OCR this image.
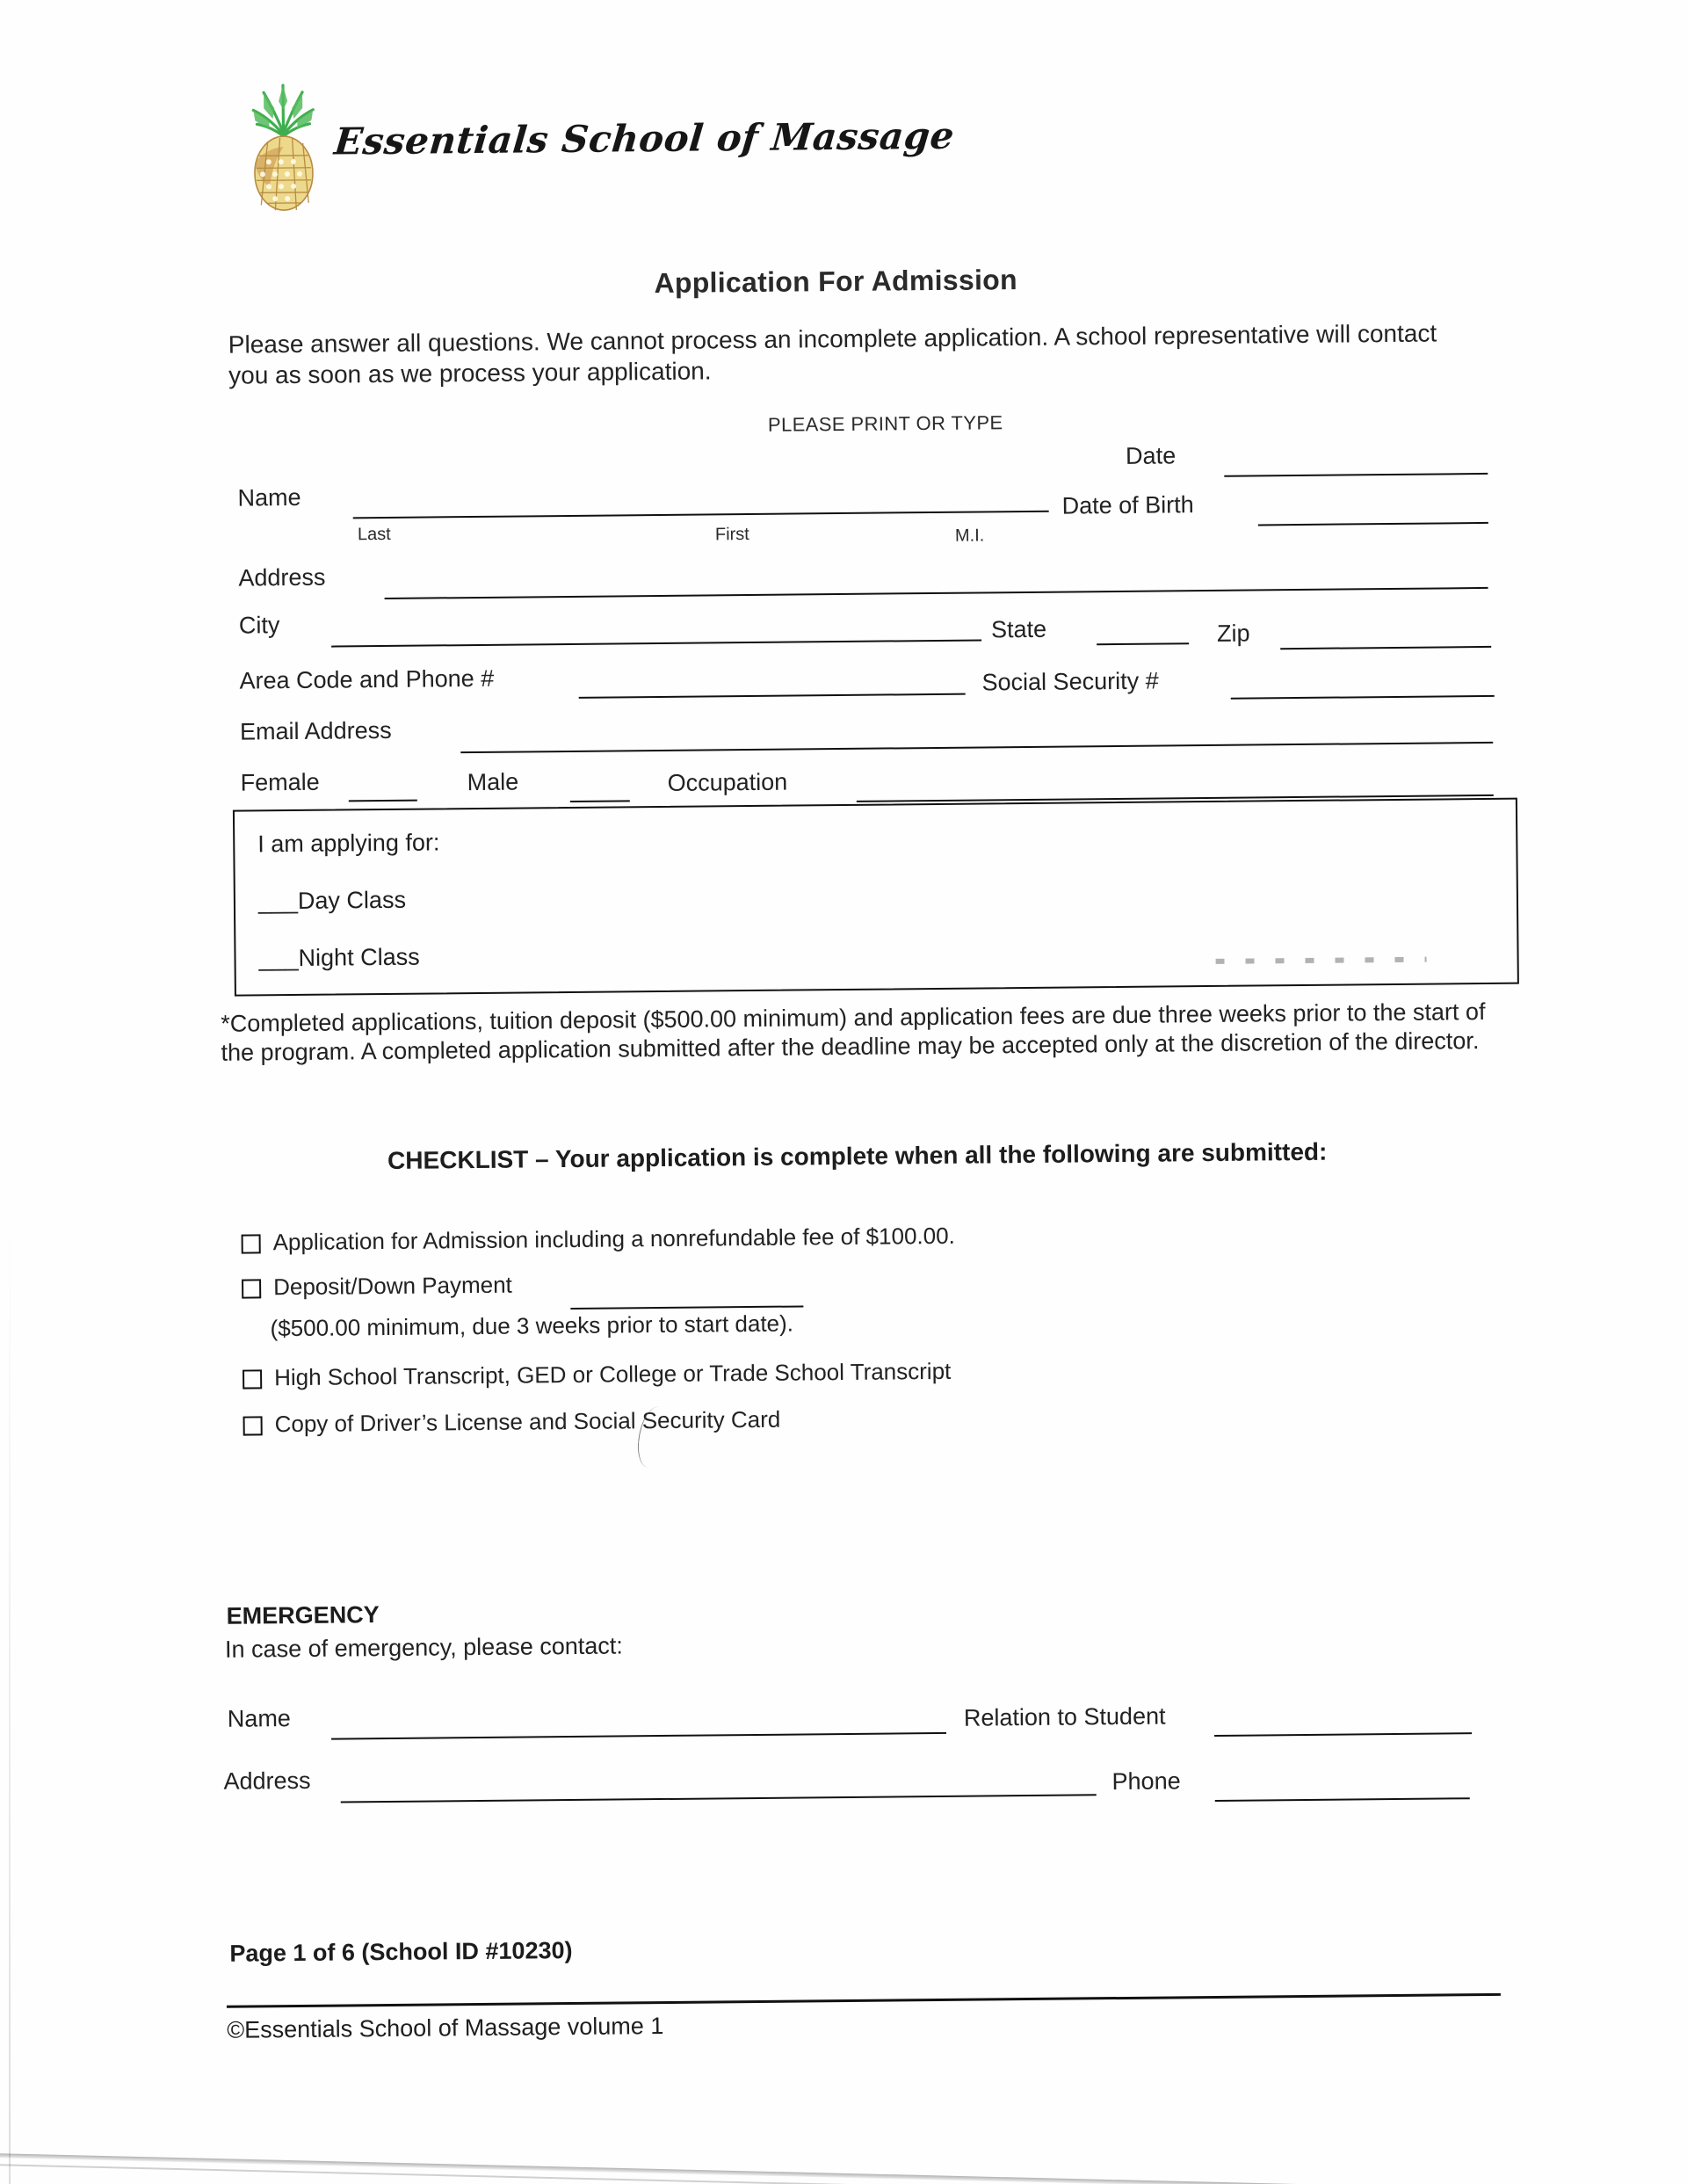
Essentials School of Massage
Application For Admission
Please answer all questions. We cannot process an incomplete application. A school representative will contact you as soon as we process your application.
PLEASE PRINT OR TYPE
Date
Date of Birth
Name
Last	First	M.I.
Address
City	State	Zip
Area Code and Phone #	Social Security #
Email Address
Female	Male	Occupation
I am applying for:
___Day Class
___Night Class
*Completed applications, tuition deposit ($500.00 minimum) and application fees are due three weeks prior to the start of the program. A completed application submitted after the deadline may be accepted only at the discretion of the director.
CHECKLIST – Your application is complete when all the following are submitted:
Application for Admission including a nonrefundable fee of $100.00.
Deposit/Down Payment
($500.00 minimum, due 3 weeks prior to start date).
High School Transcript, GED or College or Trade School Transcript
Copy of Driver’s License and Social Security Card
EMERGENCY
In case of emergency, please contact:
Name	Relation to Student
Address	Phone
Page 1 of 6 (School ID #10230)
©Essentials School of Massage volume 1
